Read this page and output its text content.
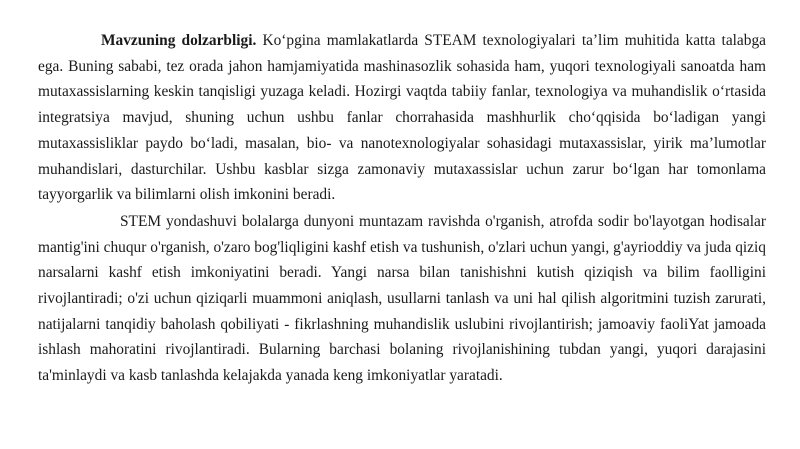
Mavzuning dolzarbligi. Ko‘pgina mamlakatlarda STEAM texnologiyalari ta’lim muhitida katta talabga ega. Buning sababi, tez orada jahon hamjamiyatida mashinasozlik sohasida ham, yuqori texnologiyali sanoatda ham mutaxassislarning keskin tanqisligi yuzaga keladi. Hozirgi vaqtda tabiiy fanlar, texnologiya va muhandislik o‘rtasida integratsiya mavjud, shuning uchun ushbu fanlar chorrahasida mashhurlik cho‘qqisida bo‘ladigan yangi mutaxassisliklar paydo bo‘ladi, masalan, bio- va nanotexnologiyalar sohasidagi mutaxassislar, yirik ma’lumotlar muhandislari, dasturchilar. Ushbu kasblar sizga zamonaviy mutaxassislar uchun zarur bo‘lgan har tomonlama tayyorgarlik va bilimlarni olish imkonini beradi.

STEM yondashuvi bolalarga dunyoni muntazam ravishda o'rganish, atrofda sodir bo'layotgan hodisalar mantig'ini chuqur o'rganish, o'zaro bog'liqligini kashf etish va tushunish, o'zlari uchun yangi, g'ayrioddiy va juda qiziq narsalarni kashf etish imkoniyatini beradi. Yangi narsa bilan tanishishni kutish qiziqish va bilim faolligini rivojlantiradi; o'zi uchun qiziqarli muammoni aniqlash, usullarni tanlash va uni hal qilish algoritmini tuzish zarurati, natijalarni tanqidiy baholash qobiliyati - fikrlashning muhandislik uslubini rivojlantirish; jamoaviy faoliYat jamoada ishlash mahoratini rivojlantiradi. Bularning barchasi bolaning rivojlanishining tubdan yangi, yuqori darajasini ta'minlaydi va kasb tanlashda kelajakda yanada keng imkoniyatlar yaratadi.
